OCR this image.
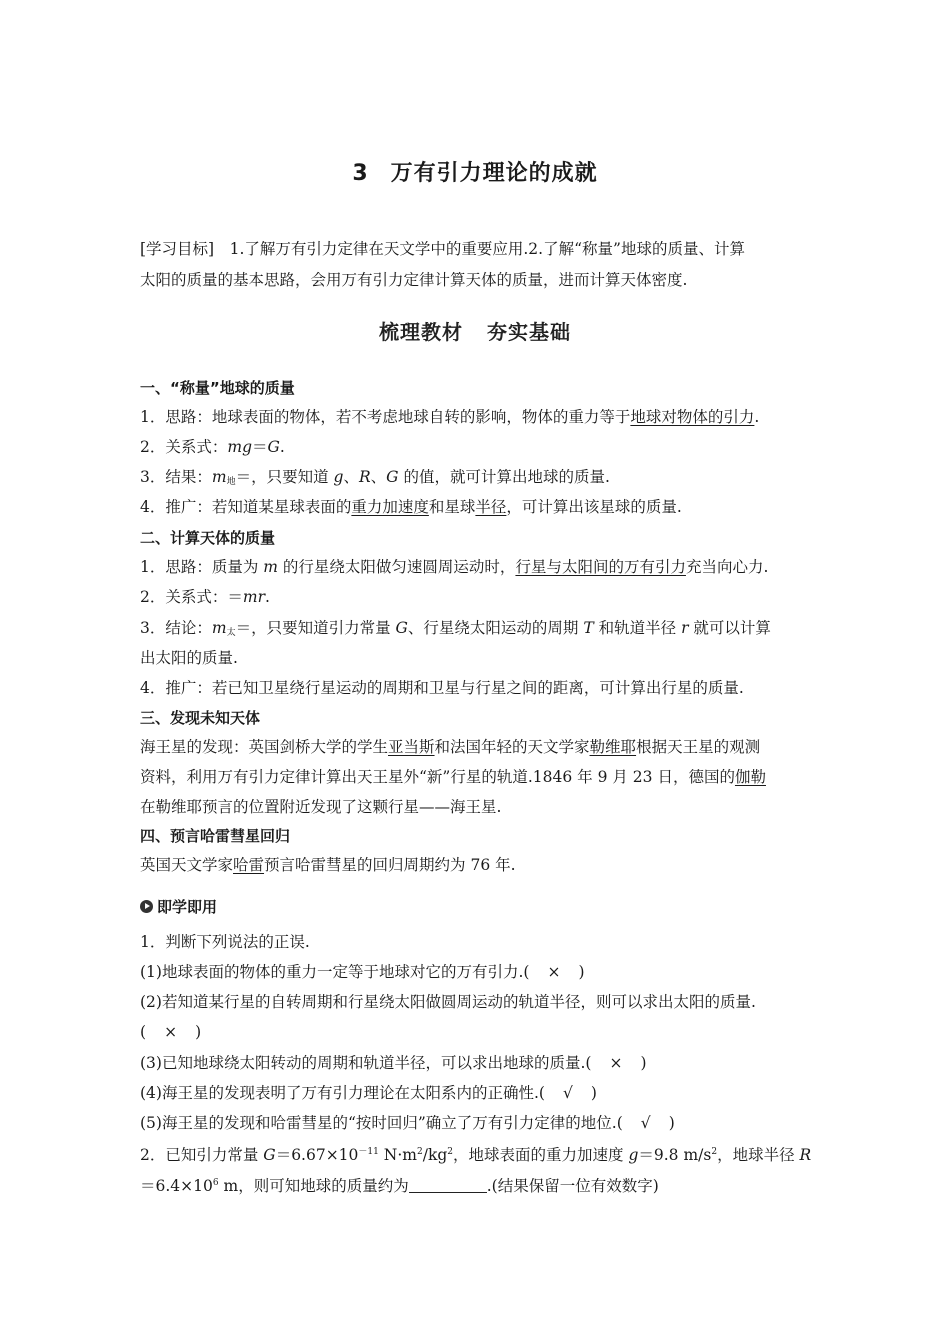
3 万有引力理论的成就
[学习目标]　1.了解万有引力定律在天文学中的重要应用.2.了解“称量”地球的质量、计算
太阳的质量的基本思路，会用万有引力定律计算天体的质量，进而计算天体密度.
梳理教材 夯实基础
一、“称量”地球的质量
1．思路：地球表面的物体，若不考虑地球自转的影响，物体的重力等于地球对物体的引力.
2．关系式：mg＝G.
3．结果：$m_地=$，只要知道 g、R、G 的值，就可计算出地球的质量.
4．推广：若知道某星球表面的重力加速度和星球半径，可计算出该星球的质量.
二、计算天体的质量
1．思路：质量为 m 的行星绕太阳做匀速圆周运动时，行星与太阳间的万有引力充当向心力.
2．关系式：＝mr.
3．结论：$m_太=$，只要知道引力常量 G、行星绕太阳运动的周期 T 和轨道半径 r 就可以计算
出太阳的质量.
4．推广：若已知卫星绕行星运动的周期和卫星与行星之间的距离，可计算出行星的质量.
三、发现未知天体
海王星的发现：英国剑桥大学的学生亚当斯和法国年轻的天文学家勒维耶根据天王星的观测
资料，利用万有引力定律计算出天王星外“新”行星的轨道.1846 年 9 月 23 日，德国的伽勒
在勒维耶预言的位置附近发现了这颗行星——海王星.
四、预言哈雷彗星回归
英国天文学家哈雷预言哈雷彗星的回归周期约为 76 年.
即学即用
1．判断下列说法的正误.
(1)地球表面的物体的重力一定等于地球对它的万有引力.( × )
(2)若知道某行星的自转周期和行星绕太阳做圆周运动的轨道半径，则可以求出太阳的质量.
( × )
(3)已知地球绕太阳转动的周期和轨道半径，可以求出地球的质量.( × )
(4)海王星的发现表明了万有引力理论在太阳系内的正确性.( √ )
(5)海王星的发现和哈雷彗星的“按时回归”确立了万有引力定律的地位.( √ )
2．已知引力常量 $G=6.67\times 10^{-11}$ $N\cdot m^2/kg^2$，地球表面的重力加速度 g＝9.8 $m/s^2$，地球半径 R
$=6.4\times 10^6$ m，则可知地球的质量约为	.(结果保留一位有效数字)
